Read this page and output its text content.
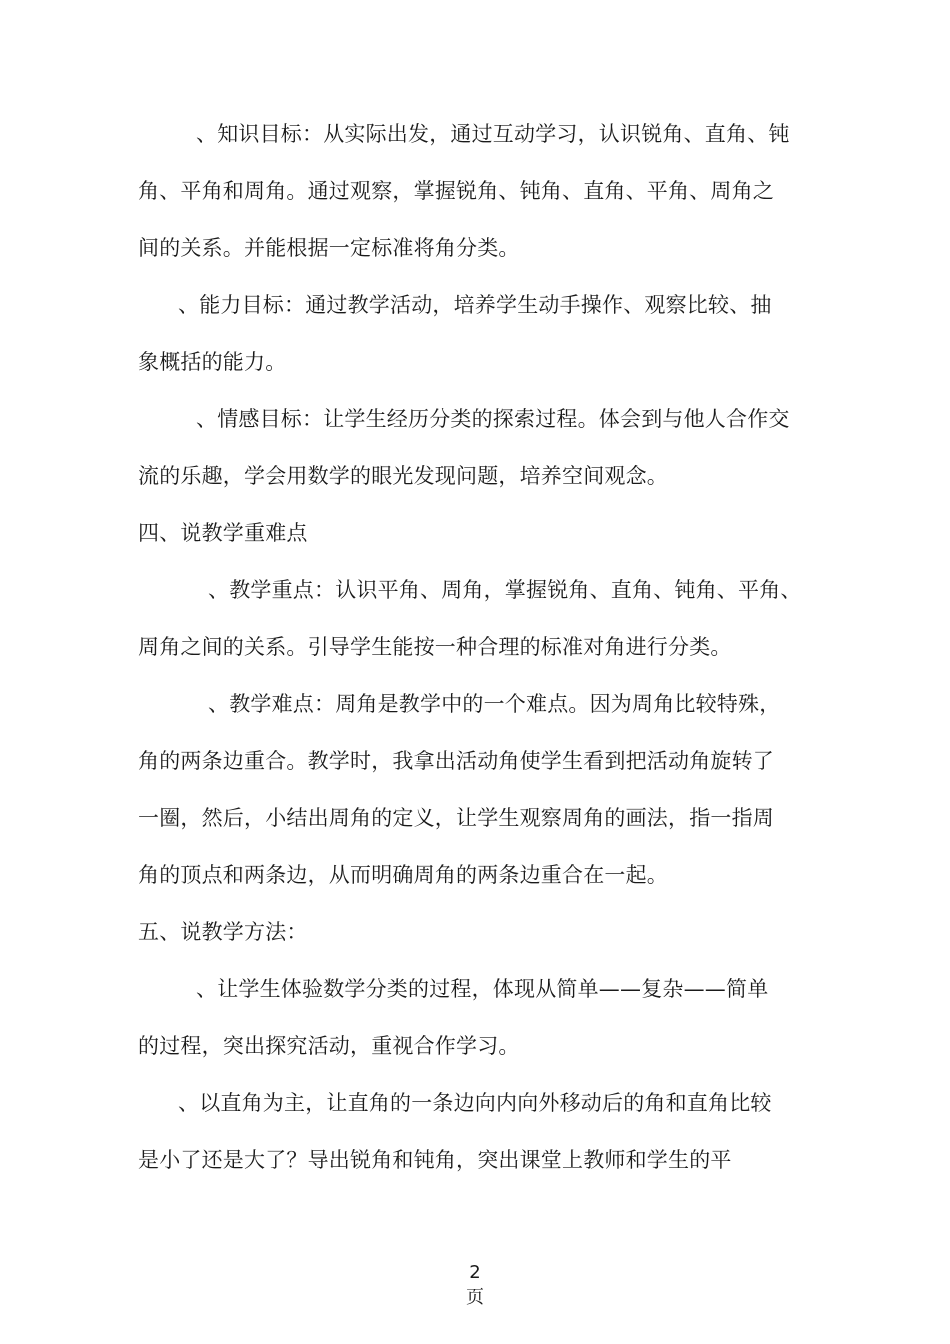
、知识目标：从实际出发，通过互动学习，认识锐角、直角、钝
角、平角和周角。通过观察，掌握锐角、钝角、直角、平角、周角之
间的关系。并能根据一定标准将角分类。
、能力目标：通过教学活动，培养学生动手操作、观察比较、抽
象概括的能力。
、情感目标：让学生经历分类的探索过程。体会到与他人合作交
流的乐趣，学会用数学的眼光发现问题，培养空间观念。
四、说教学重难点
、教学重点：认识平角、周角，掌握锐角、直角、钝角、平角、
周角之间的关系。引导学生能按一种合理的标准对角进行分类。
、教学难点：周角是教学中的一个难点。因为周角比较特殊，
角的两条边重合。教学时，我拿出活动角使学生看到把活动角旋转了
一圈，然后，小结出周角的定义，让学生观察周角的画法，指一指周
角的顶点和两条边，从而明确周角的两条边重合在一起。
五、说教学方法：
、让学生体验数学分类的过程，体现从简单——复杂——简单
的过程，突出探究活动，重视合作学习。
、以直角为主，让直角的一条边向内向外移动后的角和直角比较
是小了还是大了？导出锐角和钝角，突出课堂上教师和学生的平
2
页
